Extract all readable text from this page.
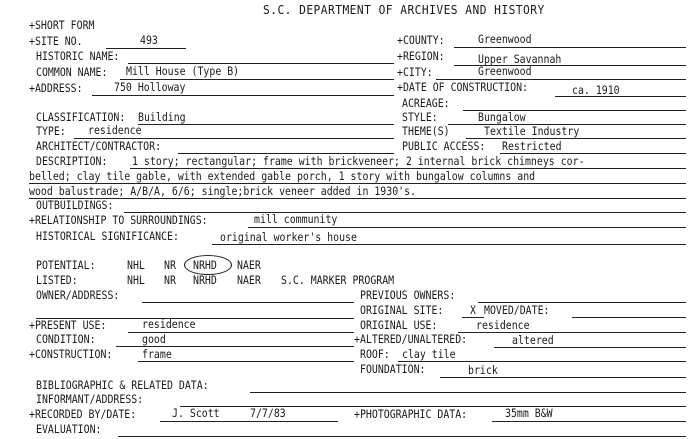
S.C. DEPARTMENT OF ARCHIVES AND HISTORY
+SHORT FORM
+SITE NO.	493	+COUNTY:	Greenwood
HISTORIC NAME:	+REGION:	Upper Savannah
COMMON NAME: Mill House (Type B)	+CITY:	Greenwood
+ADDRESS:	750 Holloway	+DATE OF CONSTRUCTION:	ca. 1910
ACREAGE:
CLASSIFICATION: Building	STYLE:	Bungalow
TYPE: residence	THEME(S)	Textile Industry
ARCHITECT/CONTRACTOR:	PUBLIC ACCESS: Restricted
DESCRIPTION: 1 story; rectangular; frame with brickveneer; 2 internal brick chimneys cor-
belled; clay tile gable, with extended gable porch, 1 story with bungalow columns and
wood balustrade; A/B/A, 6/6; single;brick veneer added in 1930's.
OUTBUILDINGS:
+RELATIONSHIP TO SURROUNDINGS:	mill community
HISTORICAL SIGNIFICANCE:	original worker's house
POTENTIAL:	NHL NR NRHD NAER
LISTED:	NHL NR NRHD NAER S.C. MARKER PROGRAM
OWNER/ADDRESS:	PREVIOUS OWNERS:
ORIGINAL SITE: X MOVED/DATE:
+PRESENT USE:	residence	ORIGINAL USE:	residence
CONDITION:	good	+ALTERED/UNALTERED:	altered
+CONSTRUCTION:	frame	ROOF: clay tile
FOUNDATION:	brick
BIBLIOGRAPHIC & RELATED DATA:
INFORMANT/ADDRESS:
+RECORDED BY/DATE:	J. Scott	7/7/83	+PHOTOGRAPHIC DATA:	35mm B&W
EVALUATION:
